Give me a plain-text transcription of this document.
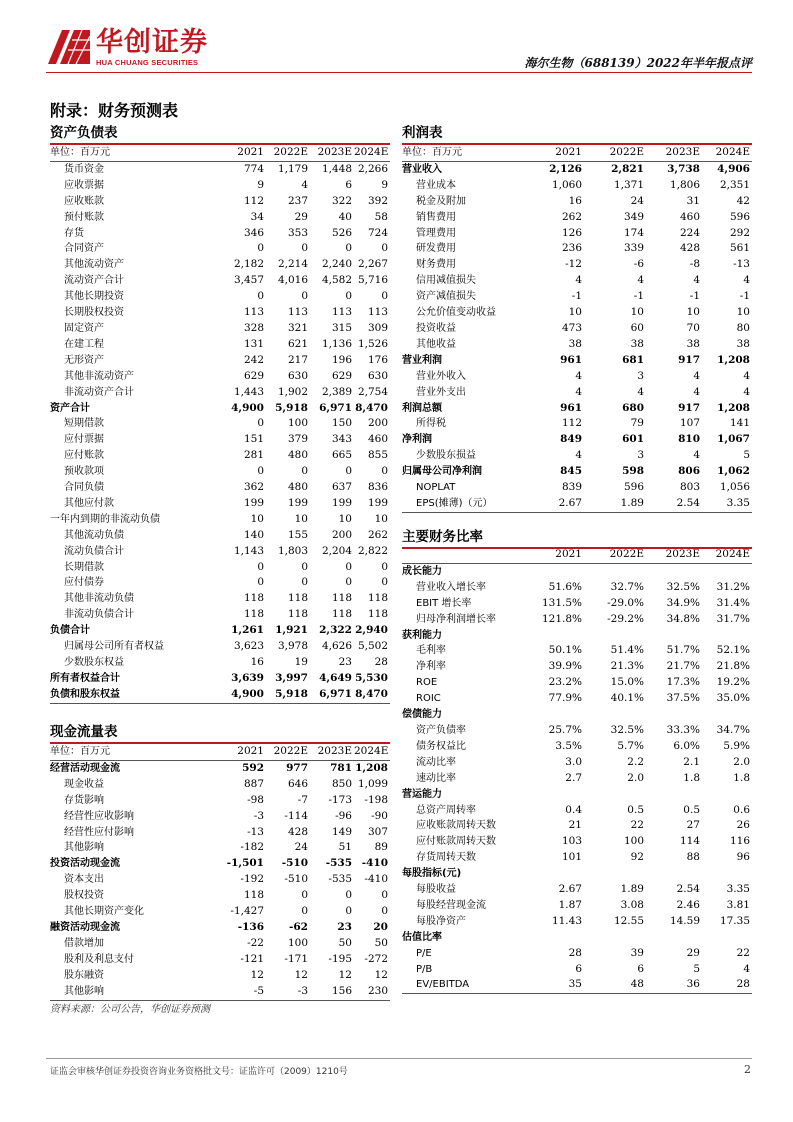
华创证券
HUA CHUANG SECURITIES	海尔生物（688139）2022年半年报点评
附录：财务预测表
资产负债表
单位：百万元	2021	2022E	2023E	2024E
货币资金	774	1,179	1,448	2,266
应收票据	9	4	6	9
应收账款	112	237	322	392
预付账款	34	29	40	58
存货	346	353	526	724
合同资产	0	0	0	0
其他流动资产	2,182	2,214	2,240	2,267
流动资产合计	3,457	4,016	4,582	5,716
其他长期投资	0	0	0	0
长期股权投资	113	113	113	113
固定资产	328	321	315	309
在建工程	131	621	1,136	1,526
无形资产	242	217	196	176
其他非流动资产	629	630	629	630
非流动资产合计	1,443	1,902	2,389	2,754
资产合计	4,900	5,918	6,971	8,470
短期借款	0	100	150	200
应付票据	151	379	343	460
应付账款	281	480	665	855
预收款项	0	0	0	0
合同负债	362	480	637	836
其他应付款	199	199	199	199
一年内到期的非流动负债	10	10	10	10
其他流动负债	140	155	200	262
流动负债合计	1,143	1,803	2,204	2,822
长期借款	0	0	0	0
应付债券	0	0	0	0
其他非流动负债	118	118	118	118
非流动负债合计	118	118	118	118
负债合计	1,261	1,921	2,322	2,940
归属母公司所有者权益	3,623	3,978	4,626	5,502
少数股东权益	16	19	23	28
所有者权益合计	3,639	3,997	4,649	5,530
负债和股东权益	4,900	5,918	6,971	8,470
现金流量表
单位：百万元	2021	2022E	2023E	2024E
经营活动现金流	592	977	781	1,208
现金收益	887	646	850	1,099
存货影响	-98	-7	-173	-198
经营性应收影响	-3	-114	-96	-90
经营性应付影响	-13	428	149	307
其他影响	-182	24	51	89
投资活动现金流	-1,501	-510	-535	-410
资本支出	-192	-510	-535	-410
股权投资	118	0	0	0
其他长期资产变化	-1,427	0	0	0
融资活动现金流	-136	-62	23	20
借款增加	-22	100	50	50
股利及利息支付	-121	-171	-195	-272
股东融资	12	12	12	12
其他影响	-5	-3	156	230
利润表
单位：百万元	2021	2022E	2023E	2024E
营业收入	2,126	2,821	3,738	4,906
营业成本	1,060	1,371	1,806	2,351
税金及附加	16	24	31	42
销售费用	262	349	460	596
管理费用	126	174	224	292
研发费用	236	339	428	561
财务费用	-12	-6	-8	-13
信用减值损失	4	4	4	4
资产减值损失	-1	-1	-1	-1
公允价值变动收益	10	10	10	10
投资收益	473	60	70	80
其他收益	38	38	38	38
营业利润	961	681	917	1,208
营业外收入	4	3	4	4
营业外支出	4	4	4	4
利润总额	961	680	917	1,208
所得税	112	79	107	141
净利润	849	601	810	1,067
少数股东损益	4	3	4	5
归属母公司净利润	845	598	806	1,062
NOPLAT	839	596	803	1,056
EPS(摊薄)（元）	2.67	1.89	2.54	3.35
主要财务比率
	2021	2022E	2023E	2024E
成长能力				
营业收入增长率	51.6%	32.7%	32.5%	31.2%
EBIT 增长率	131.5%	-29.0%	34.9%	31.4%
归母净利润增长率	121.8%	-29.2%	34.8%	31.7%
获利能力				
毛利率	50.1%	51.4%	51.7%	52.1%
净利率	39.9%	21.3%	21.7%	21.8%
ROE	23.2%	15.0%	17.3%	19.2%
ROIC	77.9%	40.1%	37.5%	35.0%
偿债能力				
资产负债率	25.7%	32.5%	33.3%	34.7%
债务权益比	3.5%	5.7%	6.0%	5.9%
流动比率	3.0	2.2	2.1	2.0
速动比率	2.7	2.0	1.8	1.8
营运能力				
总资产周转率	0.4	0.5	0.5	0.6
应收账款周转天数	21	22	27	26
应付账款周转天数	103	100	114	116
存货周转天数	101	92	88	96
每股指标(元)				
每股收益	2.67	1.89	2.54	3.35
每股经营现金流	1.87	3.08	2.46	3.81
每股净资产	11.43	12.55	14.59	17.35
估值比率				
P/E	28	39	29	22
P/B	6	6	5	4
EV/EBITDA	35	48	36	28
资料来源：公司公告，华创证券预测
证监会审核华创证券投资咨询业务资格批文号：证监许可（2009）1210号	2
